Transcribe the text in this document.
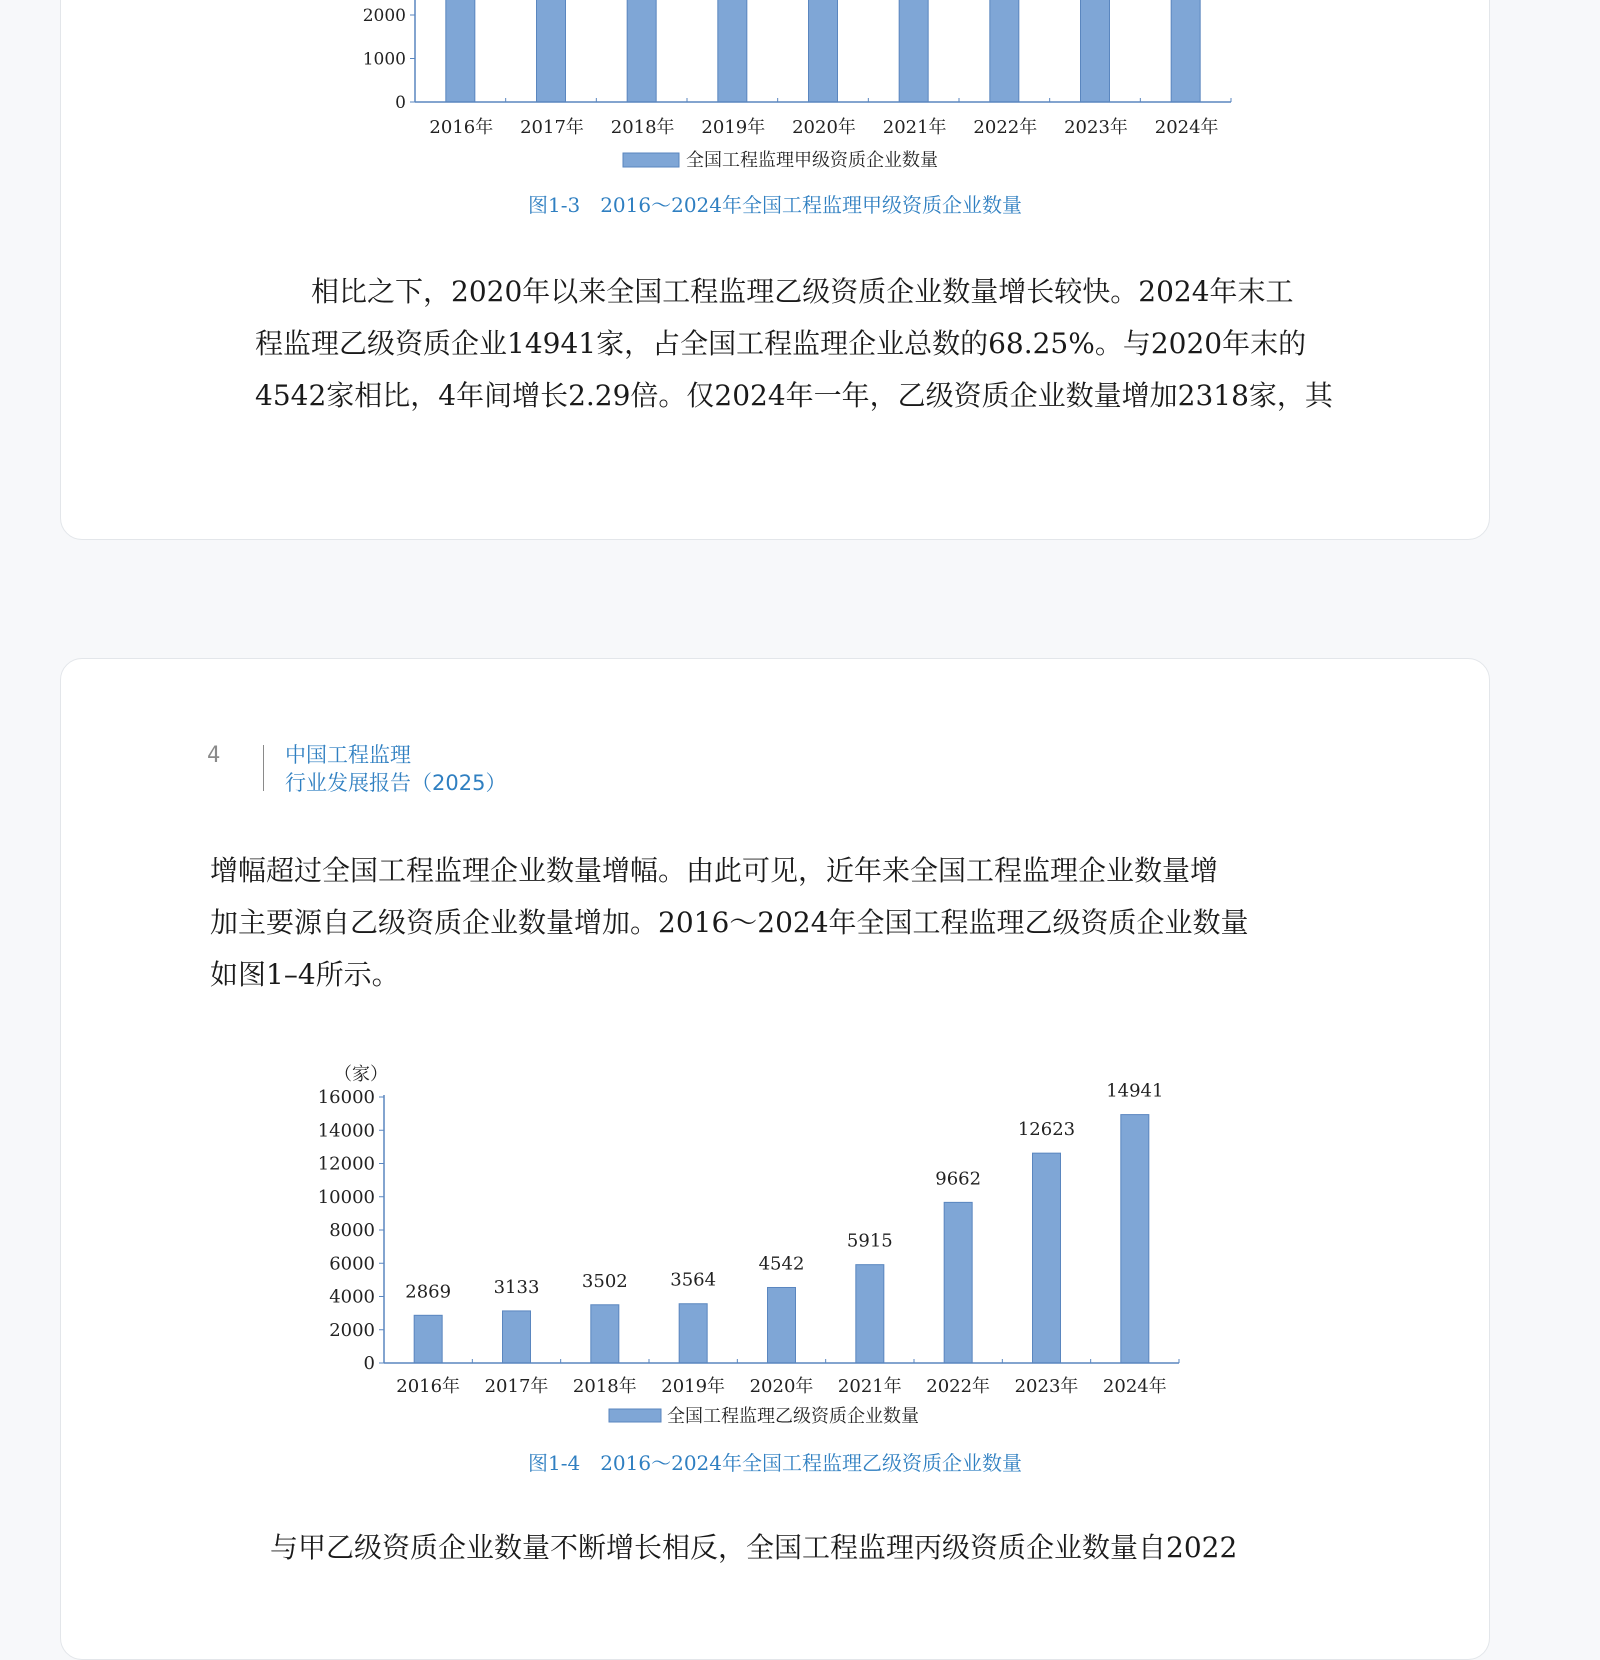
0
1000
2000
2016年 2017年 2018年 2019年 2020年 2021年 2022年 2023年 2024年
全国工程监理甲级资质企业数量
图1-3　2016～2024年全国工程监理甲级资质企业数量
　　相比之下，2020年以来全国工程监理乙级资质企业数量增长较快。2024年末工
程监理乙级资质企业14941家，占全国工程监理企业总数的68.25%。与2020年末的
4542家相比，4年间增长2.29倍。仅2024年一年，乙级资质企业数量增加2318家，其
4	中国工程监理
行业发展报告（2025）
增幅超过全国工程监理企业数量增幅。由此可见，近年来全国工程监理企业数量增
加主要源自乙级资质企业数量增加。2016～2024年全国工程监理乙级资质企业数量
如图1–4所示。
（家）
0
2000
4000
6000
8000
10000
12000
14000
16000
2869
2016年
3133
2017年
3502
2018年
3564
2019年
4542
2020年
5915
2021年
9662
2022年
12623
2023年
14941
2024年
全国工程监理乙级资质企业数量
图1-4　2016～2024年全国工程监理乙级资质企业数量
与甲乙级资质企业数量不断增长相反，全国工程监理丙级资质企业数量自2022
